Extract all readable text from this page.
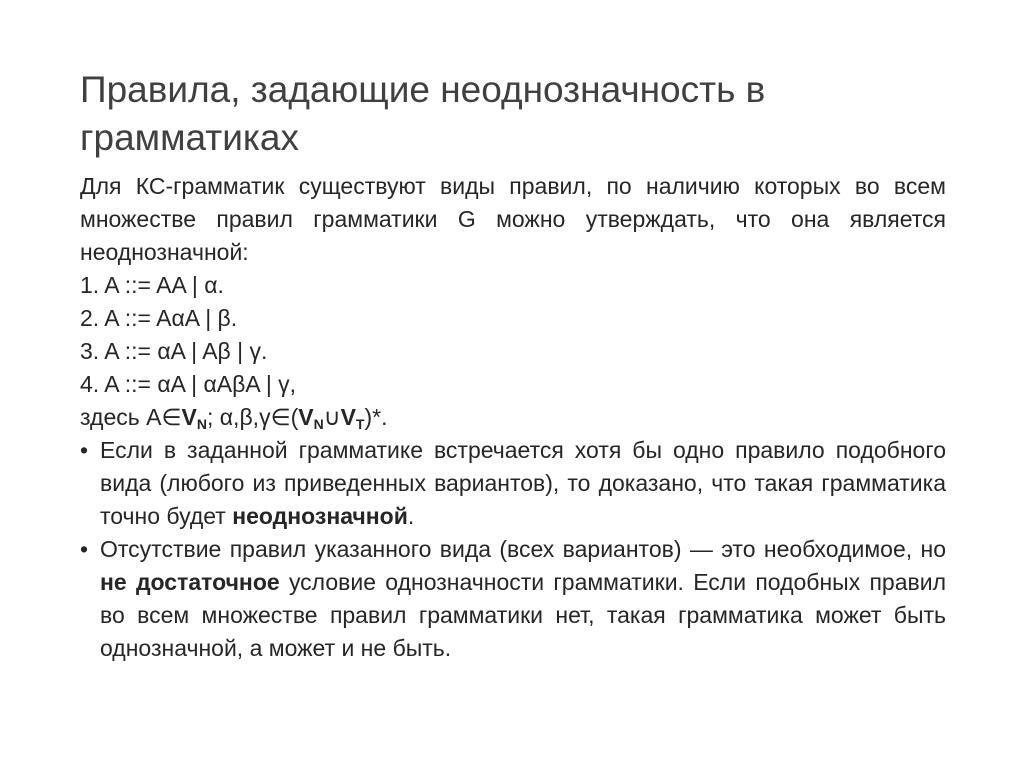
Правила, задающие неоднозначность в грамматиках
Для КС-грамматик существуют виды правил, по наличию которых во всем множестве правил грамматики G можно утверждать, что она является неоднозначной:
1. A ::= AA | α.
2. A ::= AαA | β.
3. A ::= αA | Aβ | γ.
4. A ::= αA | αAβA | γ,
здесь $A\in V_N$; $\alpha,\beta,\gamma\in(V_N\cup V_T)*$.
• Если в заданной грамматике встречается хотя бы одно правило подобного вида (любого из приведенных вариантов), то доказано, что такая грамматика точно будет неоднозначной.
• Отсутствие правил указанного вида (всех вариантов) — это необходимое, но не достаточное условие однозначности грамматики. Если подобных правил во всем множестве правил грамматики нет, такая грамматика может быть однозначной, а может и не быть.
